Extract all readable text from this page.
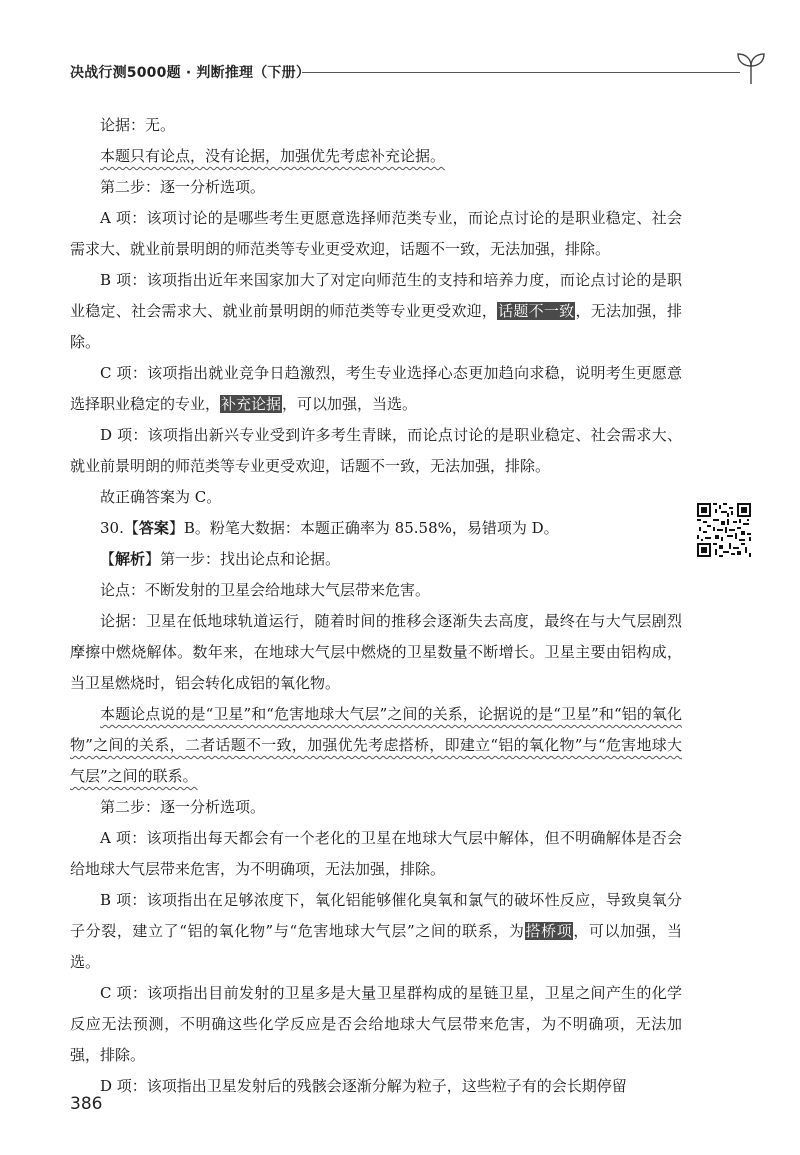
决战行测5000题 · 判断推理（下册）

论据：无。

本题只有论点，没有论据，加强优先考虑补充论据。

第二步：逐一分析选项。

A 项：该项讨论的是哪些考生更愿意选择师范类专业，而论点讨论的是职业稳定、社会需求大、就业前景明朗的师范类等专业更受欢迎，话题不一致，无法加强，排除。

B 项：该项指出近年来国家加大了对定向师范生的支持和培养力度，而论点讨论的是职业稳定、社会需求大、就业前景明朗的师范类等专业更受欢迎，话题不一致，无法加强，排除。

C 项：该项指出就业竞争日趋激烈，考生专业选择心态更加趋向求稳，说明考生更愿意选择职业稳定的专业，补充论据，可以加强，当选。

D 项：该项指出新兴专业受到许多考生青睐，而论点讨论的是职业稳定、社会需求大、就业前景明朗的师范类等专业更受欢迎，话题不一致，无法加强，排除。

故正确答案为 C。

30.【答案】B。粉笔大数据：本题正确率为 85.58%，易错项为 D。

【解析】第一步：找出论点和论据。

论点：不断发射的卫星会给地球大气层带来危害。

论据：卫星在低地球轨道运行，随着时间的推移会逐渐失去高度，最终在与大气层剧烈摩擦中燃烧解体。数年来，在地球大气层中燃烧的卫星数量不断增长。卫星主要由铝构成，当卫星燃烧时，铝会转化成铝的氧化物。

本题论点说的是“卫星”和“危害地球大气层”之间的关系，论据说的是“卫星”和“铝的氧化物”之间的关系，二者话题不一致，加强优先考虑搭桥，即建立“铝的氧化物”与“危害地球大气层”之间的联系。

第二步：逐一分析选项。

A 项：该项指出每天都会有一个老化的卫星在地球大气层中解体，但不明确解体是否会给地球大气层带来危害，为不明确项，无法加强，排除。

B 项：该项指出在足够浓度下，氧化铝能够催化臭氧和氯气的破坏性反应，导致臭氧分子分裂，建立了“铝的氧化物”与“危害地球大气层”之间的联系，为搭桥项，可以加强，当选。

C 项：该项指出目前发射的卫星多是大量卫星群构成的星链卫星，卫星之间产生的化学反应无法预测，不明确这些化学反应是否会给地球大气层带来危害，为不明确项，无法加强，排除。

D 项：该项指出卫星发射后的残骸会逐渐分解为粒子，这些粒子有的会长期停留

386
